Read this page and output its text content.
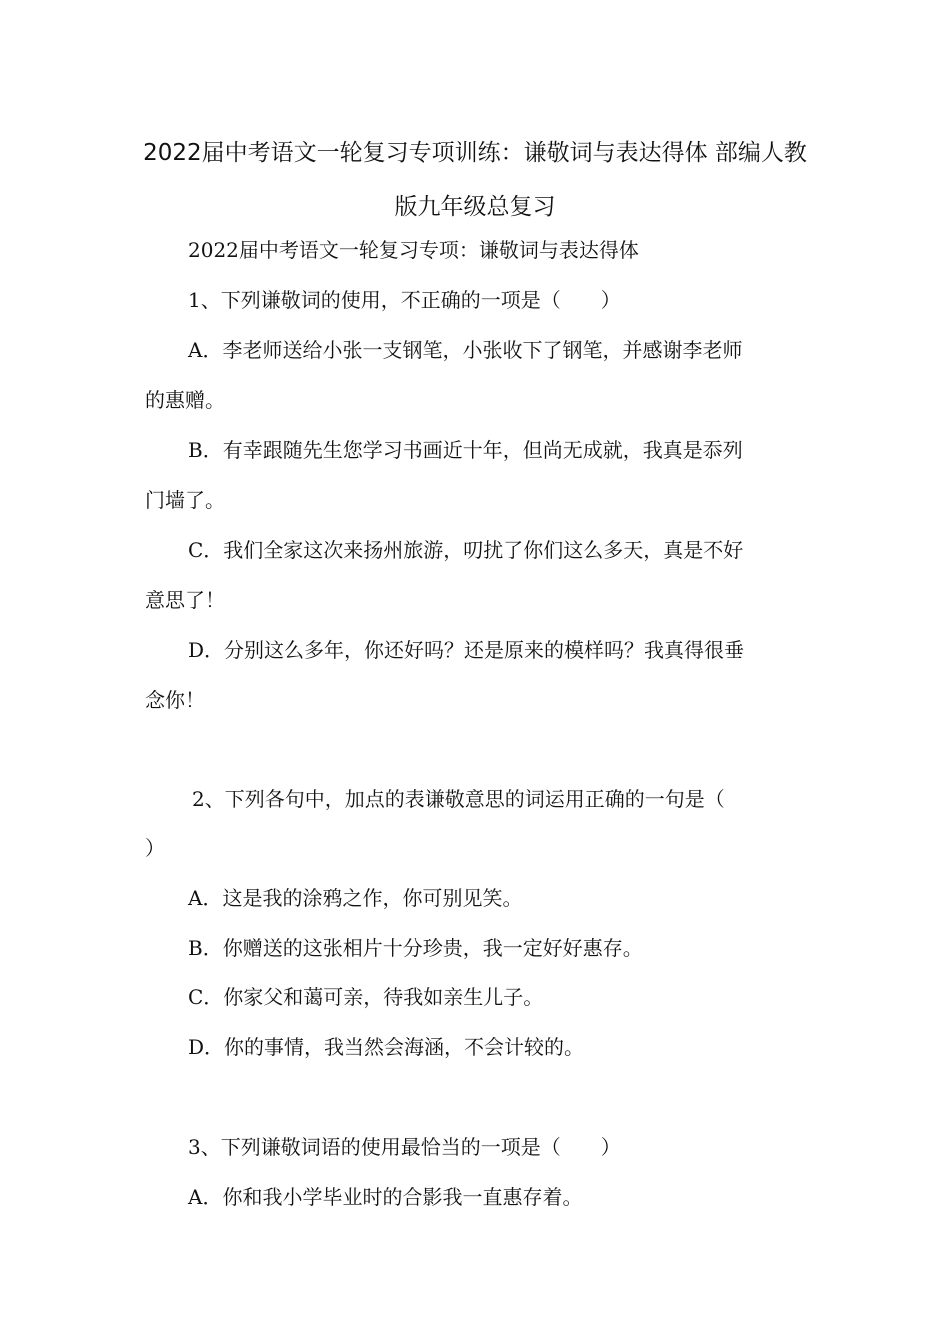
2022届中考语文一轮复习专项训练：谦敬词与表达得体 部编人教
版九年级总复习
2022届中考语文一轮复习专项：谦敬词与表达得体
1、下列谦敬词的使用，不正确的一项是（　　）
A．李老师送给小张一支钢笔，小张收下了钢笔，并感谢李老师
的惠赠。
B．有幸跟随先生您学习书画近十年，但尚无成就，我真是忝列
门墙了。
C．我们全家这次来扬州旅游，叨扰了你们这么多天，真是不好
意思了！
D．分别这么多年，你还好吗？还是原来的模样吗？我真得很垂
念你！
2、下列各句中，加点的表谦敬意思的词运用正确的一句是（
）
A．这是我的涂鸦之作，你可别见笑。
B．你赠送的这张相片十分珍贵，我一定好好惠存。
C．你家父和蔼可亲，待我如亲生儿子。
D．你的事情，我当然会海涵，不会计较的。
3、下列谦敬词语的使用最恰当的一项是（　　）
A．你和我小学毕业时的合影我一直惠存着。
